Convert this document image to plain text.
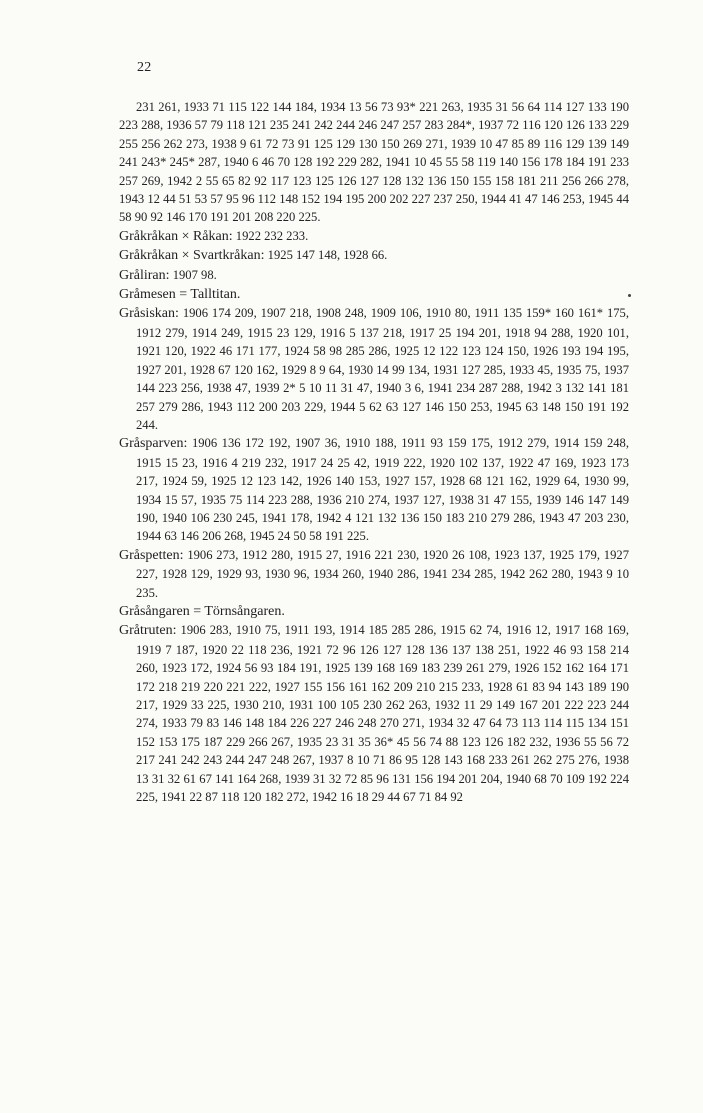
22

231 261, 1933 71 115 122 144 184, 1934 13 56 73 93* 221 263, 1935 31 56 64 114 127 133 190 223 288, 1936 57 79 118 121 235 241 242 244 246 247 257 283 284*, 1937 72 116 120 126 133 229 255 256 262 273, 1938 9 61 72 73 91 125 129 130 150 269 271, 1939 10 47 85 89 116 129 139 149 241 243* 245* 287, 1940 6 46 70 128 192 229 282, 1941 10 45 55 58 119 140 156 178 184 191 233 257 269, 1942 2 55 65 82 92 117 123 125 126 127 128 132 136 150 155 158 181 211 256 266 278, 1943 12 44 51 53 57 95 96 112 148 152 194 195 200 202 227 237 250, 1944 41 47 146 253, 1945 44 58 90 92 146 170 191 201 208 220 225.

Gråkråkan × Råkan: 1922 232 233.

Gråkråkan × Svartkråkan: 1925 147 148, 1928 66.

Gråliran: 1907 98.

Gråmesen = Talltitan.

Gråsiskan: 1906 174 209, 1907 218, 1908 248, 1909 106, 1910 80, 1911 135 159* 160 161* 175, 1912 279, 1914 249, 1915 23 129, 1916 5 137 218, 1917 25 194 201, 1918 94 288, 1920 101, 1921 120, 1922 46 171 177, 1924 58 98 285 286, 1925 12 122 123 124 150, 1926 193 194 195, 1927 201, 1928 67 120 162, 1929 8 9 64, 1930 14 99 134, 1931 127 285, 1933 45, 1935 75, 1937 144 223 256, 1938 47, 1939 2* 5 10 11 31 47, 1940 3 6, 1941 234 287 288, 1942 3 132 141 181 257 279 286, 1943 112 200 203 229, 1944 5 62 63 127 146 150 253, 1945 63 148 150 191 192 244.

Gråsparven: 1906 136 172 192, 1907 36, 1910 188, 1911 93 159 175, 1912 279, 1914 159 248, 1915 15 23, 1916 4 219 232, 1917 24 25 42, 1919 222, 1920 102 137, 1922 47 169, 1923 173 217, 1924 59, 1925 12 123 142, 1926 140 153, 1927 157, 1928 68 121 162, 1929 64, 1930 99, 1934 15 57, 1935 75 114 223 288, 1936 210 274, 1937 127, 1938 31 47 155, 1939 146 147 149 190, 1940 106 230 245, 1941 178, 1942 4 121 132 136 150 183 210 279 286, 1943 47 203 230, 1944 63 146 206 268, 1945 24 50 58 191 225.

Gråspetten: 1906 273, 1912 280, 1915 27, 1916 221 230, 1920 26 108, 1923 137, 1925 179, 1927 227, 1928 129, 1929 93, 1930 96, 1934 260, 1940 286, 1941 234 285, 1942 262 280, 1943 9 10 235.

Gråsångaren = Törnsångaren.

Gråtruten: 1906 283, 1910 75, 1911 193, 1914 185 285 286, 1915 62 74, 1916 12, 1917 168 169, 1919 7 187, 1920 22 118 236, 1921 72 96 126 127 128 136 137 138 251, 1922 46 93 158 214 260, 1923 172, 1924 56 93 184 191, 1925 139 168 169 183 239 261 279, 1926 152 162 164 171 172 218 219 220 221 222, 1927 155 156 161 162 209 210 215 233, 1928 61 83 94 143 189 190 217, 1929 33 225, 1930 210, 1931 100 105 230 262 263, 1932 11 29 149 167 201 222 223 244 274, 1933 79 83 146 148 184 226 227 246 248 270 271, 1934 32 47 64 73 113 114 115 134 151 152 153 175 187 229 266 267, 1935 23 31 35 36* 45 56 74 88 123 126 182 232, 1936 55 56 72 217 241 242 243 244 247 248 267, 1937 8 10 71 86 95 128 143 168 233 261 262 275 276, 1938 13 31 32 61 67 141 164 268, 1939 31 32 72 85 96 131 156 194 201 204, 1940 68 70 109 192 224 225, 1941 22 87 118 120 182 272, 1942 16 18 29 44 67 71 84 92
